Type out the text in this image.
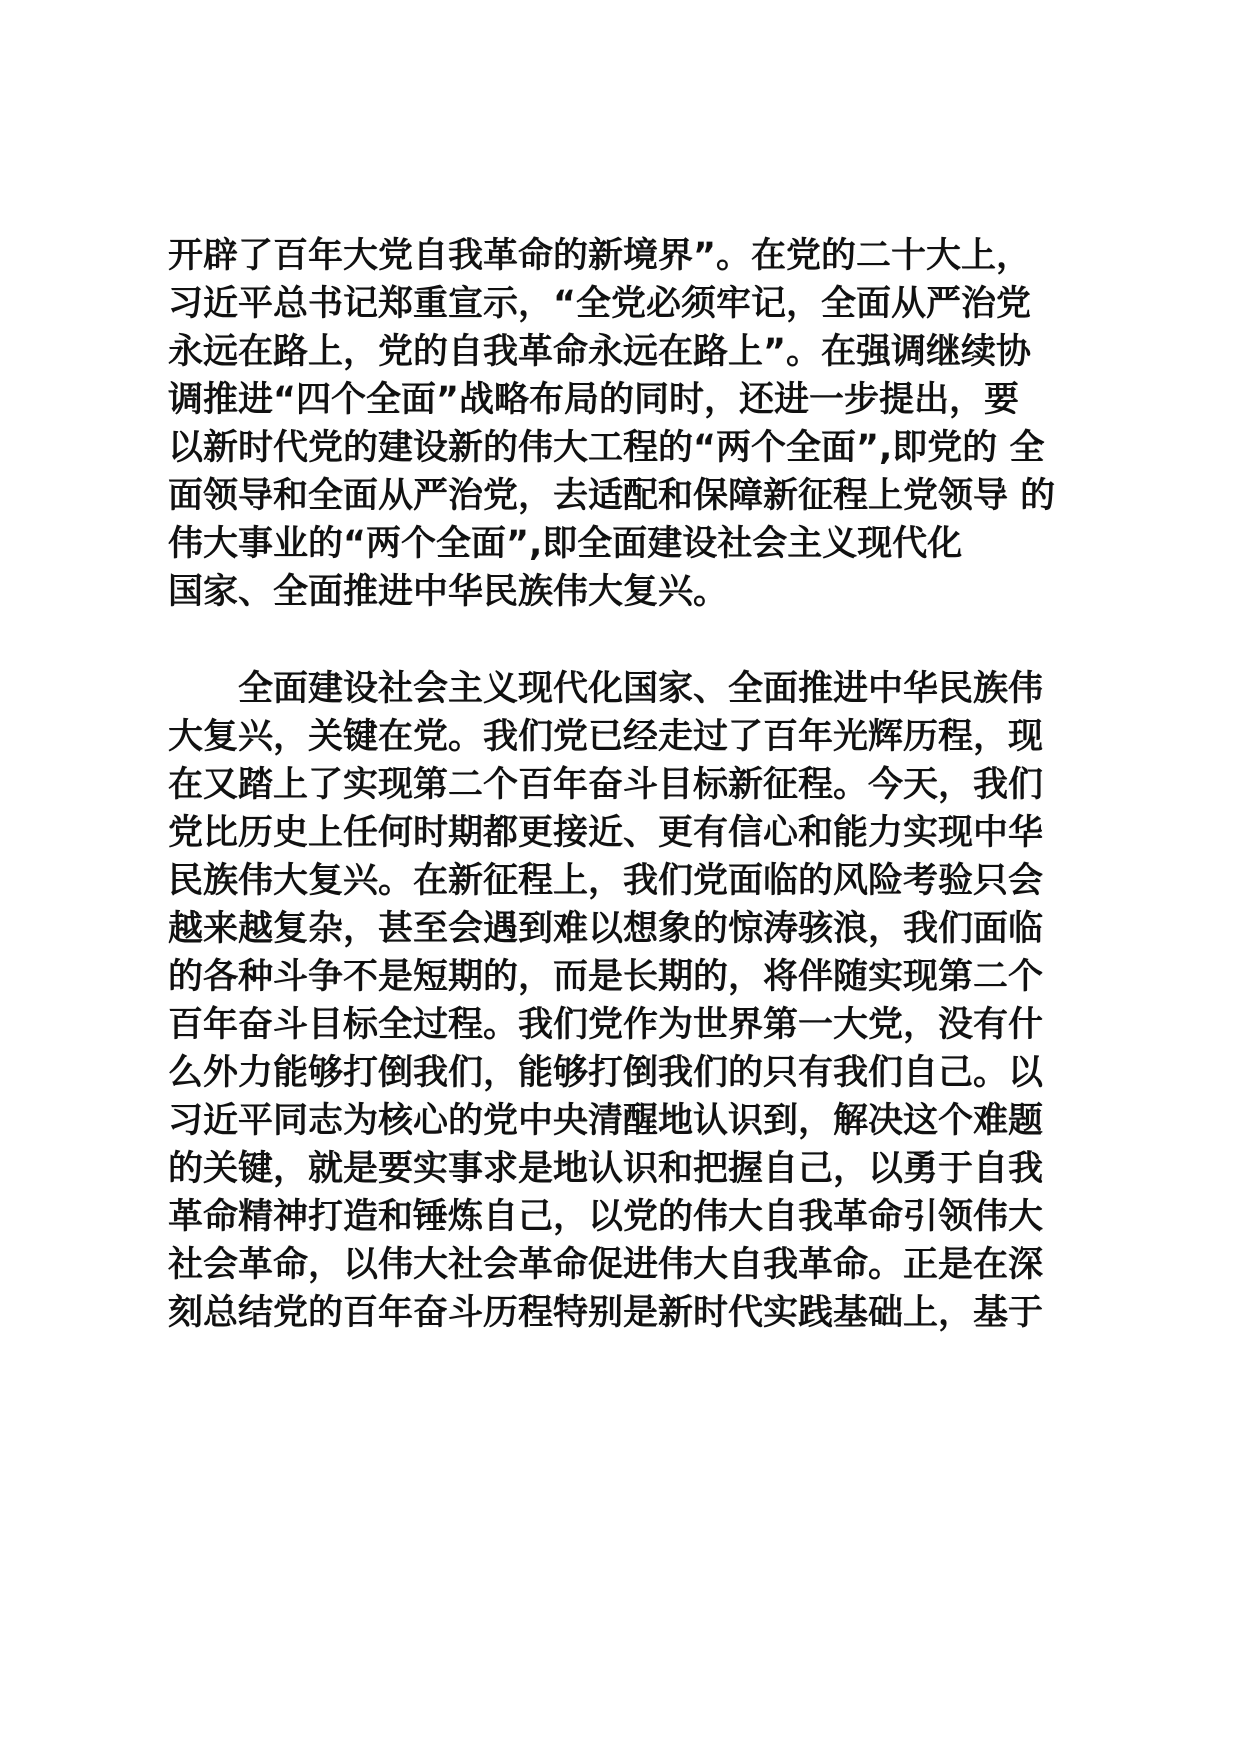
开辟了百年大党自我革命的新境界”。在党的二十大上，
习近平总书记郑重宣示，“全党必须牢记，全面从严治党
永远在路上，党的自我革命永远在路上”。在强调继续协
调推进“四个全面”战略布局的同时，还进一步提出，要
以新时代党的建设新的伟大工程的“两个全面”,即党的 全
面领导和全面从严治党，去适配和保障新征程上党领导 的
伟大事业的“两个全面”,即全面建设社会主义现代化
国家、全面推进中华民族伟大复兴。
　　全面建设社会主义现代化国家、全面推进中华民族伟
大复兴，关键在党。我们党已经走过了百年光辉历程，现
在又踏上了实现第二个百年奋斗目标新征程。今天，我们
党比历史上任何时期都更接近、更有信心和能力实现中华
民族伟大复兴。在新征程上，我们党面临的风险考验只会
越来越复杂，甚至会遇到难以想象的惊涛骇浪，我们面临
的各种斗争不是短期的，而是长期的，将伴随实现第二个
百年奋斗目标全过程。我们党作为世界第一大党，没有什
么外力能够打倒我们，能够打倒我们的只有我们自己。以
习近平同志为核心的党中央清醒地认识到，解决这个难题
的关键，就是要实事求是地认识和把握自己，以勇于自我
革命精神打造和锤炼自己，以党的伟大自我革命引领伟大
社会革命，以伟大社会革命促进伟大自我革命。正是在深
刻总结党的百年奋斗历程特别是新时代实践基础上，基于
